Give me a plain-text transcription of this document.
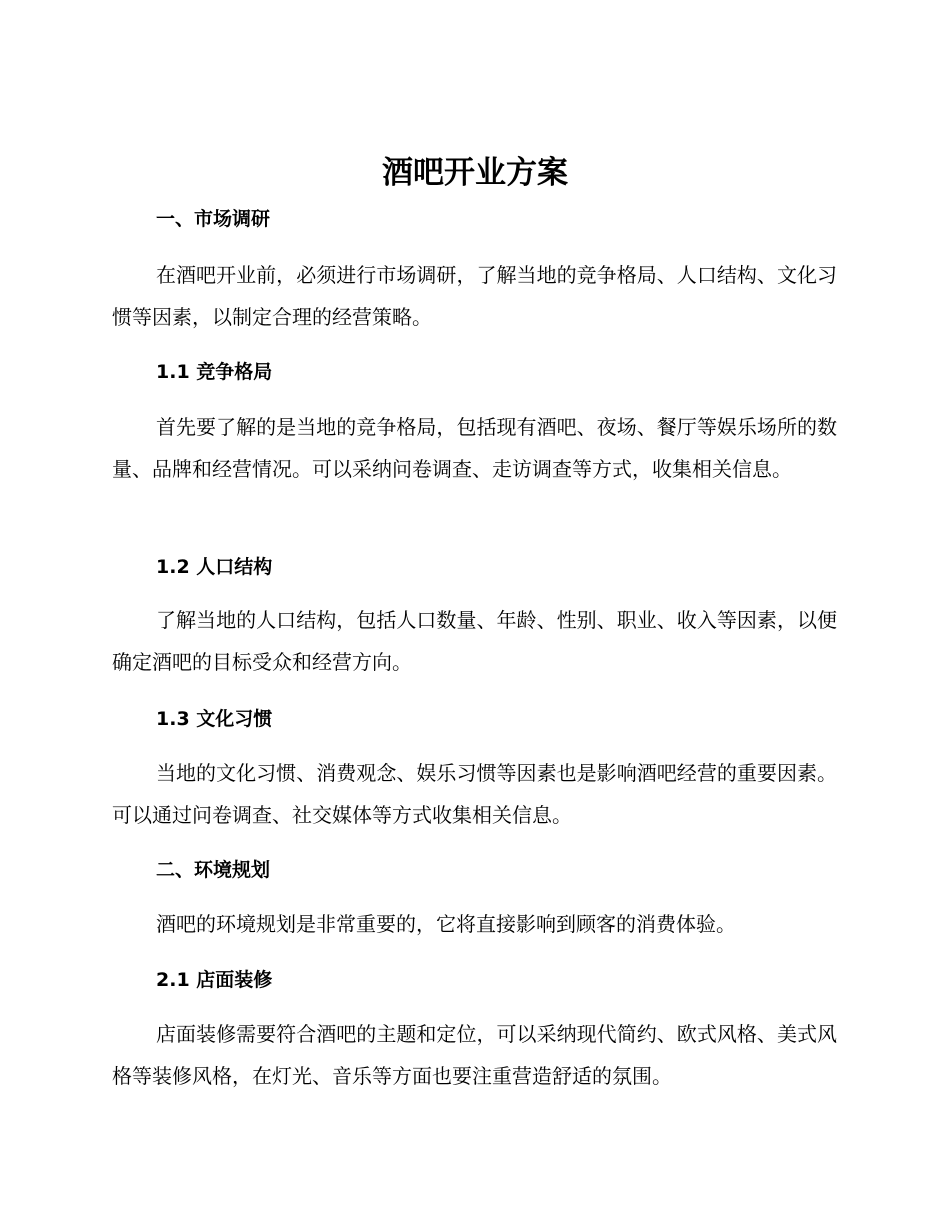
酒吧开业方案
一、市场调研

在酒吧开业前，必须进行市场调研，了解当地的竞争格局、人口结构、文化习惯等因素，以制定合理的经营策略。

1.1 竞争格局

首先要了解的是当地的竞争格局，包括现有酒吧、夜场、餐厅等娱乐场所的数量、品牌和经营情况。可以采纳问卷调查、走访调查等方式，收集相关信息。

1.2 人口结构

了解当地的人口结构，包括人口数量、年龄、性别、职业、收入等因素，以便确定酒吧的目标受众和经营方向。

1.3 文化习惯

当地的文化习惯、消费观念、娱乐习惯等因素也是影响酒吧经营的重要因素。可以通过问卷调查、社交媒体等方式收集相关信息。

二、环境规划

酒吧的环境规划是非常重要的，它将直接影响到顾客的消费体验。

2.1 店面装修

店面装修需要符合酒吧的主题和定位，可以采纳现代简约、欧式风格、美式风格等装修风格，在灯光、音乐等方面也要注重营造舒适的氛围。
